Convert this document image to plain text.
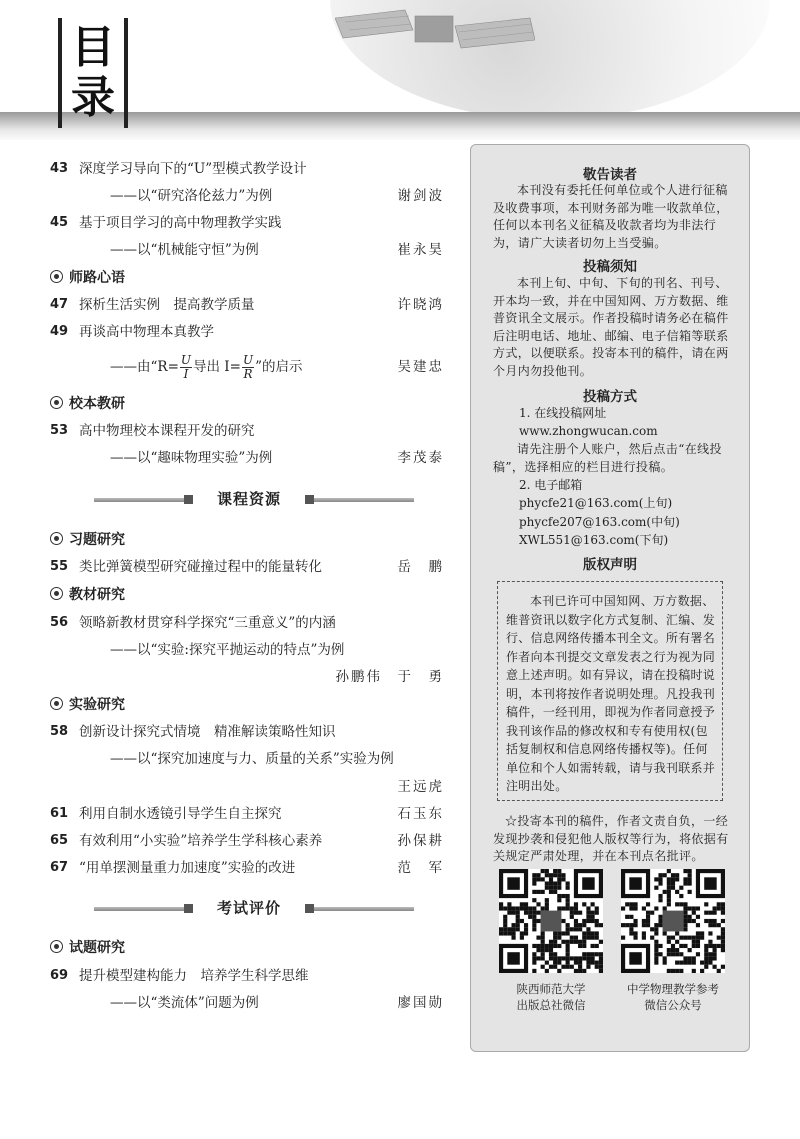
目
录
43 深度学习导向下的“U”型模式教学设计
——以“研究洛伦兹力”为例	谢剑波
45 基于项目学习的高中物理教学实践
——以“机械能守恒”为例	崔永昊
师路心语
47 探析生活实例　提高教学质量	许晓鸿
49 再谈高中物理本真教学
——由“$R= \frac{U}{I}$ 导出 $I= \frac{U}{R}$ ”的启示	吴建忠
校本教研
53 高中物理校本课程开发的研究
——以“趣味物理实验”为例	李茂泰
课程资源
习题研究
55 类比弹簧模型研究碰撞过程中的能量转化	岳　鹏
教材研究
56 领略新教材贯穿科学探究“三重意义”的内涵
——以“实验:探究平抛运动的特点”为例
孙鹏伟　于　勇
实验研究
58 创新设计探究式情境　精准解读策略性知识
——以“探究加速度与力、质量的关系”实验为例
王远虎
61 利用自制水透镜引导学生自主探究	石玉东
65 有效利用“小实验”培养学生学科核心素养	孙保耕
67 “用单摆测量重力加速度”实验的改进	范　军
考试评价
试题研究
69 提升模型建构能力　培养学生科学思维
——以“类流体”问题为例	廖国勋
敬告读者
本刊没有委托任何单位或个人进行征稿及收费事项，本刊财务部为唯一收款单位，任何以本刊名义征稿及收款者均为非法行为，请广大读者切勿上当受骗。
投稿须知
本刊上旬、中旬、下旬的刊名、刊号、开本均一致，并在中国知网、万方数据、维普资讯全文展示。作者投稿时请务必在稿件后注明电话、地址、邮编、电子信箱等联系方式，以便联系。投寄本刊的稿件，请在两个月内勿投他刊。
投稿方式
1. 在线投稿网址
www.zhongwucan.com
请先注册个人账户，然后点击“在线投稿”，选择相应的栏目进行投稿。
2. 电子邮箱
phycfe21@163.com(上旬)
phycfe207@163.com(中旬)
XWL551@163.com(下旬)
版权声明
本刊已许可中国知网、万方数据、维普资讯以数字化方式复制、汇编、发行、信息网络传播本刊全文。所有署名作者向本刊提交文章发表之行为视为同意上述声明。如有异议，请在投稿时说明，本刊将按作者说明处理。凡投我刊稿件，一经刊用，即视为作者同意授予我刊该作品的修改权和专有使用权(包括复制权和信息网络传播权等)。任何单位和个人如需转载，请与我刊联系并注明出处。
☆投寄本刊的稿件，作者文责自负，一经发现抄袭和侵犯他人版权等行为，将依据有关规定严肃处理，并在本刊点名批评。
陕西师范大学
出版总社微信
中学物理教学参考
微信公众号
